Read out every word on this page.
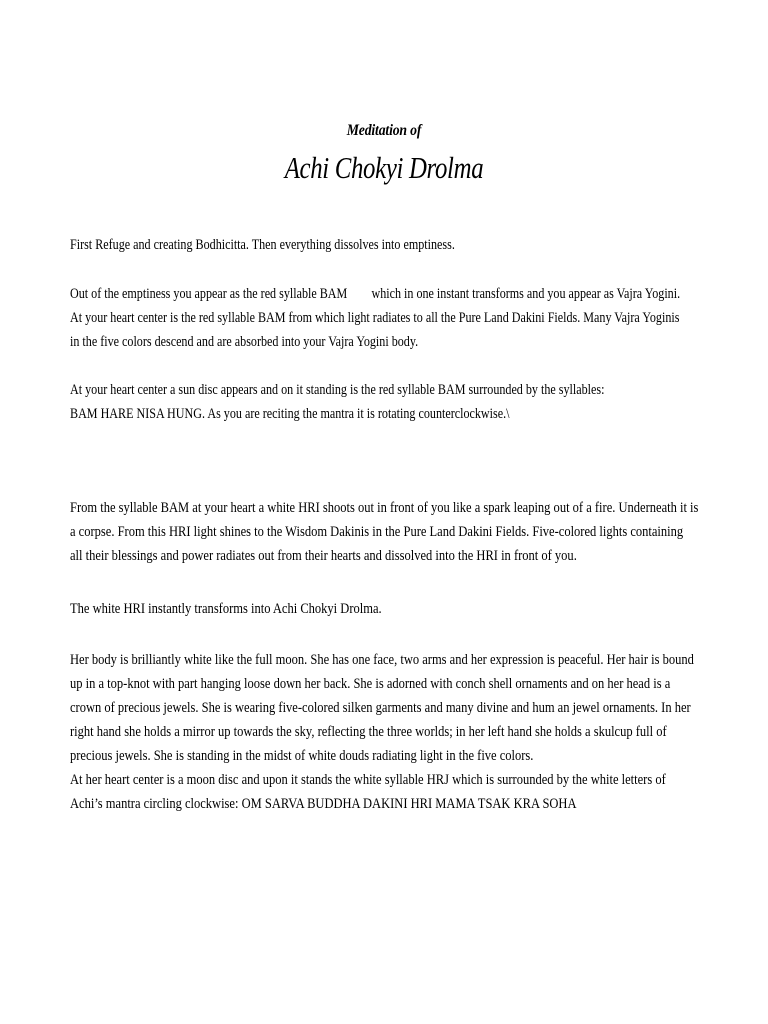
Meditation of
Achi Chokyi Drolma
First Refuge and creating Bodhicitta. Then everything dissolves into emptiness.
Out of the emptiness you appear as the red syllable BAM        which in one instant transforms and you appear as Vajra Yogini.
At your heart center is the red syllable BAM from which light radiates to all the Pure Land Dakini Fields. Many Vajra Yoginis
in the five colors descend and are absorbed into your Vajra Yogini body.
At your heart center a sun disc appears and on it standing is the red syllable BAM surrounded by the syllables:
BAM HARE NISA HUNG. As you are reciting the mantra it is rotating counterclockwise.\
From the syllable BAM at your heart a white HRI shoots out in front of you like a spark leaping out of a fire. Underneath it is
a corpse. From this HRI light shines to the Wisdom Dakinis in the Pure Land Dakini Fields. Five-colored lights containing
all their blessings and power radiates out from their hearts and dissolved into the HRI in front of you.
The white HRI instantly transforms into Achi Chokyi Drolma.
Her body is brilliantly white like the full moon. She has one face, two arms and her expression is peaceful. Her hair is bound
up in a top-knot with part hanging loose down her back. She is adorned with conch shell ornaments and on her head is a
crown of precious jewels. She is wearing five-colored silken garments and many divine and hum an jewel ornaments. In her
right hand she holds a mirror up towards the sky, reflecting the three worlds; in her left hand she holds a skulcup full of
precious jewels. She is standing in the midst of white douds radiating light in the five colors.
At her heart center is a moon disc and upon it stands the white syllable HRJ which is surrounded by the white letters of
Achi’s mantra circling clockwise: OM SARVA BUDDHA DAKINI HRI MAMA TSAK KRA SOHA
